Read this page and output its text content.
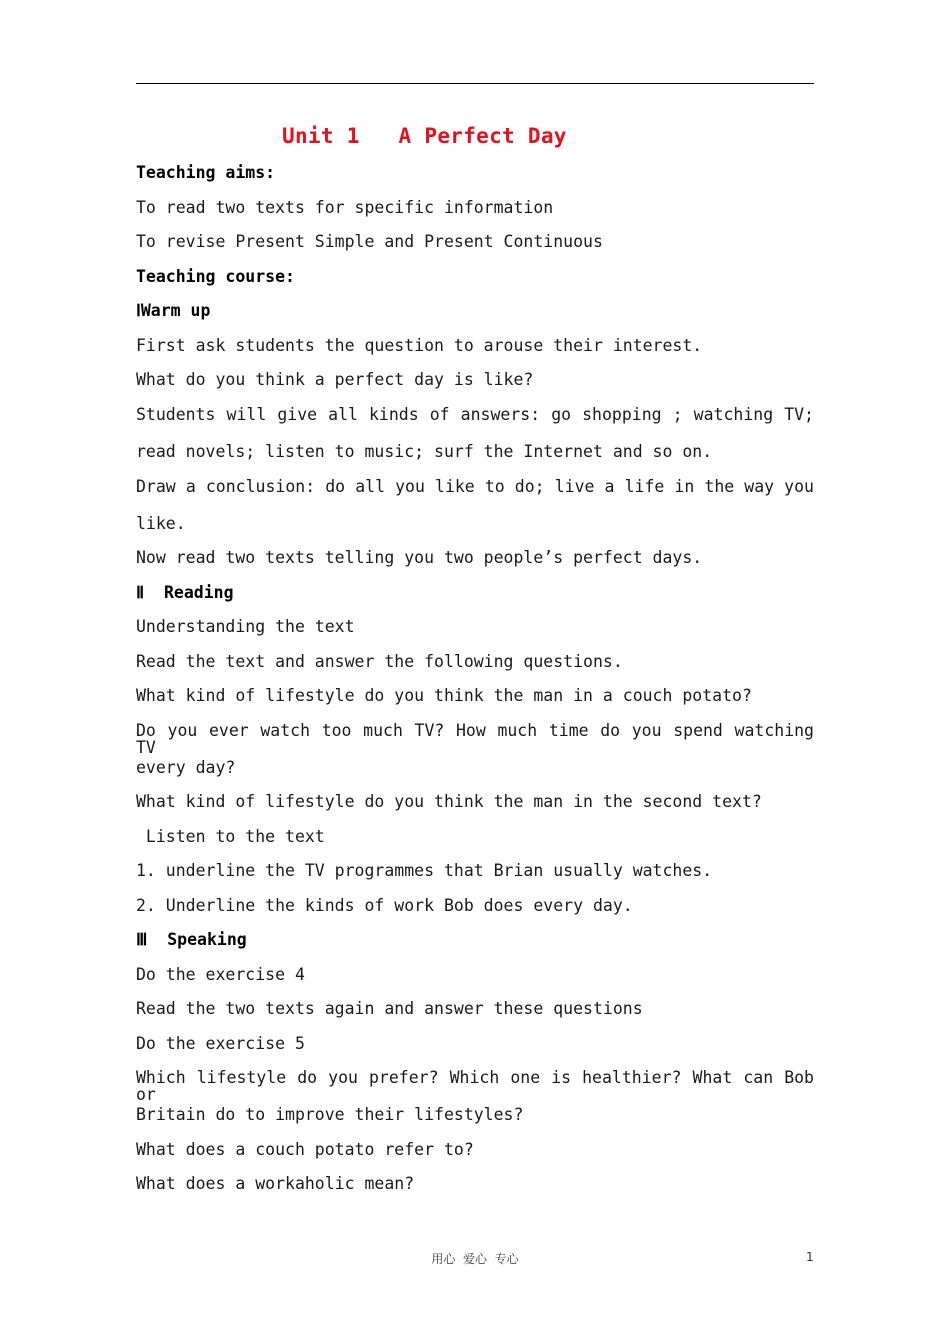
Unit 1   A Perfect Day
Teaching aims:
To read two texts for specific information
To revise Present Simple and Present Continuous
Teaching course:
ⅠWarm up
First ask students the question to arouse their interest.
What do you think a perfect day is like?
Students will give all kinds of answers: go shopping ; watching TV;
read novels; listen to music; surf the Internet and so on.
Draw a conclusion: do all you like to do; live a life in the way you
like.
Now read two texts telling you two people’s perfect days.
Ⅱ  Reading
Understanding the text
Read the text and answer the following questions.
What kind of lifestyle do you think the man in a couch potato?
Do you ever watch too much TV? How much time do you spend watching TV
every day?
What kind of lifestyle do you think the man in the second text?
Listen to the text
1. underline the TV programmes that Brian usually watches.
2. Underline the kinds of work Bob does every day.
Ⅲ  Speaking
Do the exercise 4
Read the two texts again and answer these questions
Do the exercise 5
Which lifestyle do you prefer? Which one is healthier? What can Bob or
Britain do to improve their lifestyles?
What does a couch potato refer to?
What does a workaholic mean?
用心  爱心  专心	1
